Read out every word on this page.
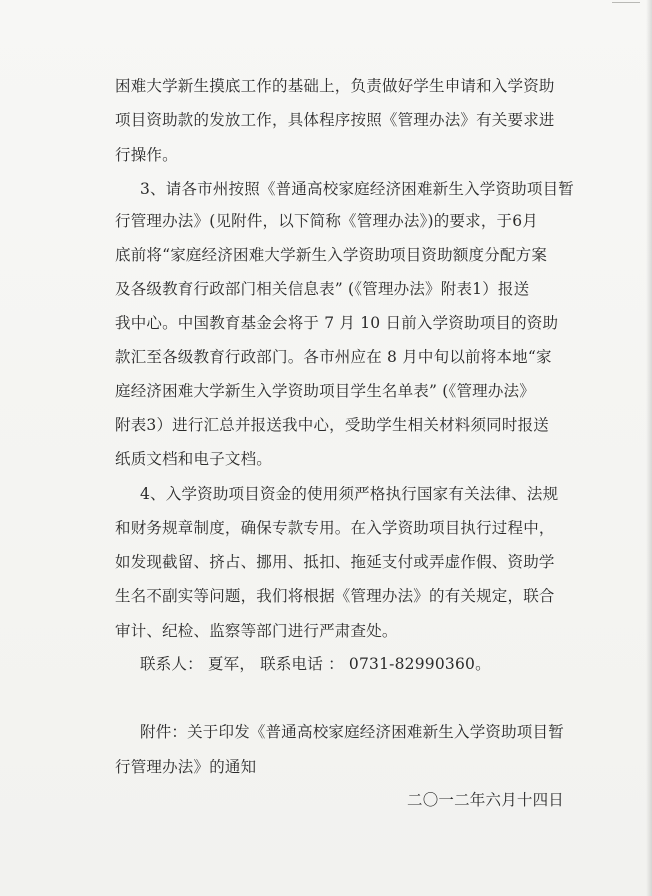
困难大学新生摸底工作的基础上，负责做好学生申请和入学资助
项目资助款的发放工作，具体程序按照《管理办法》有关要求进
行操作。
3、请各市州按照《普通高校家庭经济困难新生入学资助项目暂
行管理办法》(见附件，以下简称《管理办法》)的要求，于6月
底前将“家庭经济困难大学新生入学资助项目资助额度分配方案
及各级教育行政部门相关信息表” (《管理办法》附表1）报送
我中心。中国教育基金会将于 7 月 10 日前入学资助项目的资助
款汇至各级教育行政部门。各市州应在 8 月中旬以前将本地“家
庭经济困难大学新生入学资助项目学生名单表” (《管理办法》
附表3）进行汇总并报送我中心，受助学生相关材料须同时报送
纸质文档和电子文档。
4、入学资助项目资金的使用须严格执行国家有关法律、法规
和财务规章制度，确保专款专用。在入学资助项目执行过程中，
如发现截留、挤占、挪用、抵扣、拖延支付或弄虚作假、资助学
生名不副实等问题，我们将根据《管理办法》的有关规定，联合
审计、纪检、监察等部门进行严肃查处。
联系人： 夏军， 联系电话 ： 0731-82990360。
附件：关于印发《普通高校家庭经济困难新生入学资助项目暂
行管理办法》的通知
二〇一二年六月十四日
